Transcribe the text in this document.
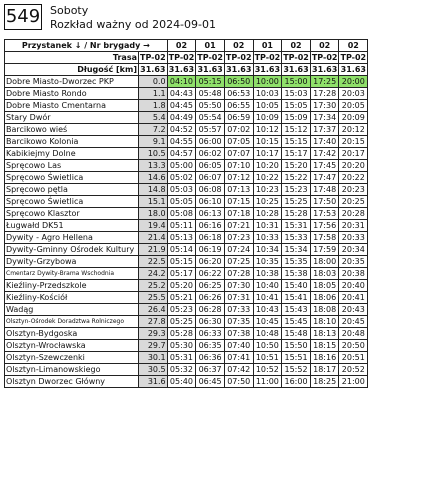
549 Soboty
Rozkład ważny od 2024-09-01
Przystanek ↓ / Nr brygady →		02	01	02	01	02	02	02
Trasa	TP-02	TP-02	TP-02	TP-02	TP-02	TP-02	TP-02	TP-02
Długość [km]	31.63	31.63	31.63	31.63	31.63	31.63	31.63	31.63
Dobre Miasto-Dworzec PKP	0.0	04:10	05:15	06:50	10:00	15:00	17:25	20:00
Dobre Miasto Rondo	1.1	04:43	05:48	06:53	10:03	15:03	17:28	20:03
Dobre Miasto Cmentarna	1.8	04:45	05:50	06:55	10:05	15:05	17:30	20:05
Stary Dwór	5.4	04:49	05:54	06:59	10:09	15:09	17:34	20:09
Barcikowo wieś	7.2	04:52	05:57	07:02	10:12	15:12	17:37	20:12
Barcikowo Kolonia	9.1	04:55	06:00	07:05	10:15	15:15	17:40	20:15
Kabikiejmy Dolne	10.5	04:57	06:02	07:07	10:17	15:17	17:42	20:17
Spręcowo Las	13.3	05:00	06:05	07:10	10:20	15:20	17:45	20:20
Spręcowo Świetlica	14.6	05:02	06:07	07:12	10:22	15:22	17:47	20:22
Spręcowo pętla	14.8	05:03	06:08	07:13	10:23	15:23	17:48	20:23
Spręcowo Świetlica	15.1	05:05	06:10	07:15	10:25	15:25	17:50	20:25
Spręcowo Klasztor	18.0	05:08	06:13	07:18	10:28	15:28	17:53	20:28
Ługwałd DK51	19.4	05:11	06:16	07:21	10:31	15:31	17:56	20:31
Dywity - Agro Hellena	21.4	05:13	06:18	07:23	10:33	15:33	17:58	20:33
Dywity-Gminny Ośrodek Kultury	21.9	05:14	06:19	07:24	10:34	15:34	17:59	20:34
Dywity-Grzybowa	22.5	05:15	06:20	07:25	10:35	15:35	18:00	20:35
Cmentarz Dywity-Brama Wschodnia	24.2	05:17	06:22	07:28	10:38	15:38	18:03	20:38
Kieźliny-Przedszkole	25.2	05:20	06:25	07:30	10:40	15:40	18:05	20:40
Kieźliny-Kościół	25.5	05:21	06:26	07:31	10:41	15:41	18:06	20:41
Wadąg	26.4	05:23	06:28	07:33	10:43	15:43	18:08	20:43
Olsztyn-Ośrodek Doradztwa Rolniczego	27.8	05:25	06:30	07:35	10:45	15:45	18:10	20:45
Olsztyn-Bydgoska	29.3	05:28	06:33	07:38	10:48	15:48	18:13	20:48
Olsztyn-Wrocławska	29.7	05:30	06:35	07:40	10:50	15:50	18:15	20:50
Olsztyn-Szewczenki	30.1	05:31	06:36	07:41	10:51	15:51	18:16	20:51
Olsztyn-Limanowskiego	30.5	05:32	06:37	07:42	10:52	15:52	18:17	20:52
Olsztyn Dworzec Główny	31.6	05:40	06:45	07:50	11:00	16:00	18:25	21:00
